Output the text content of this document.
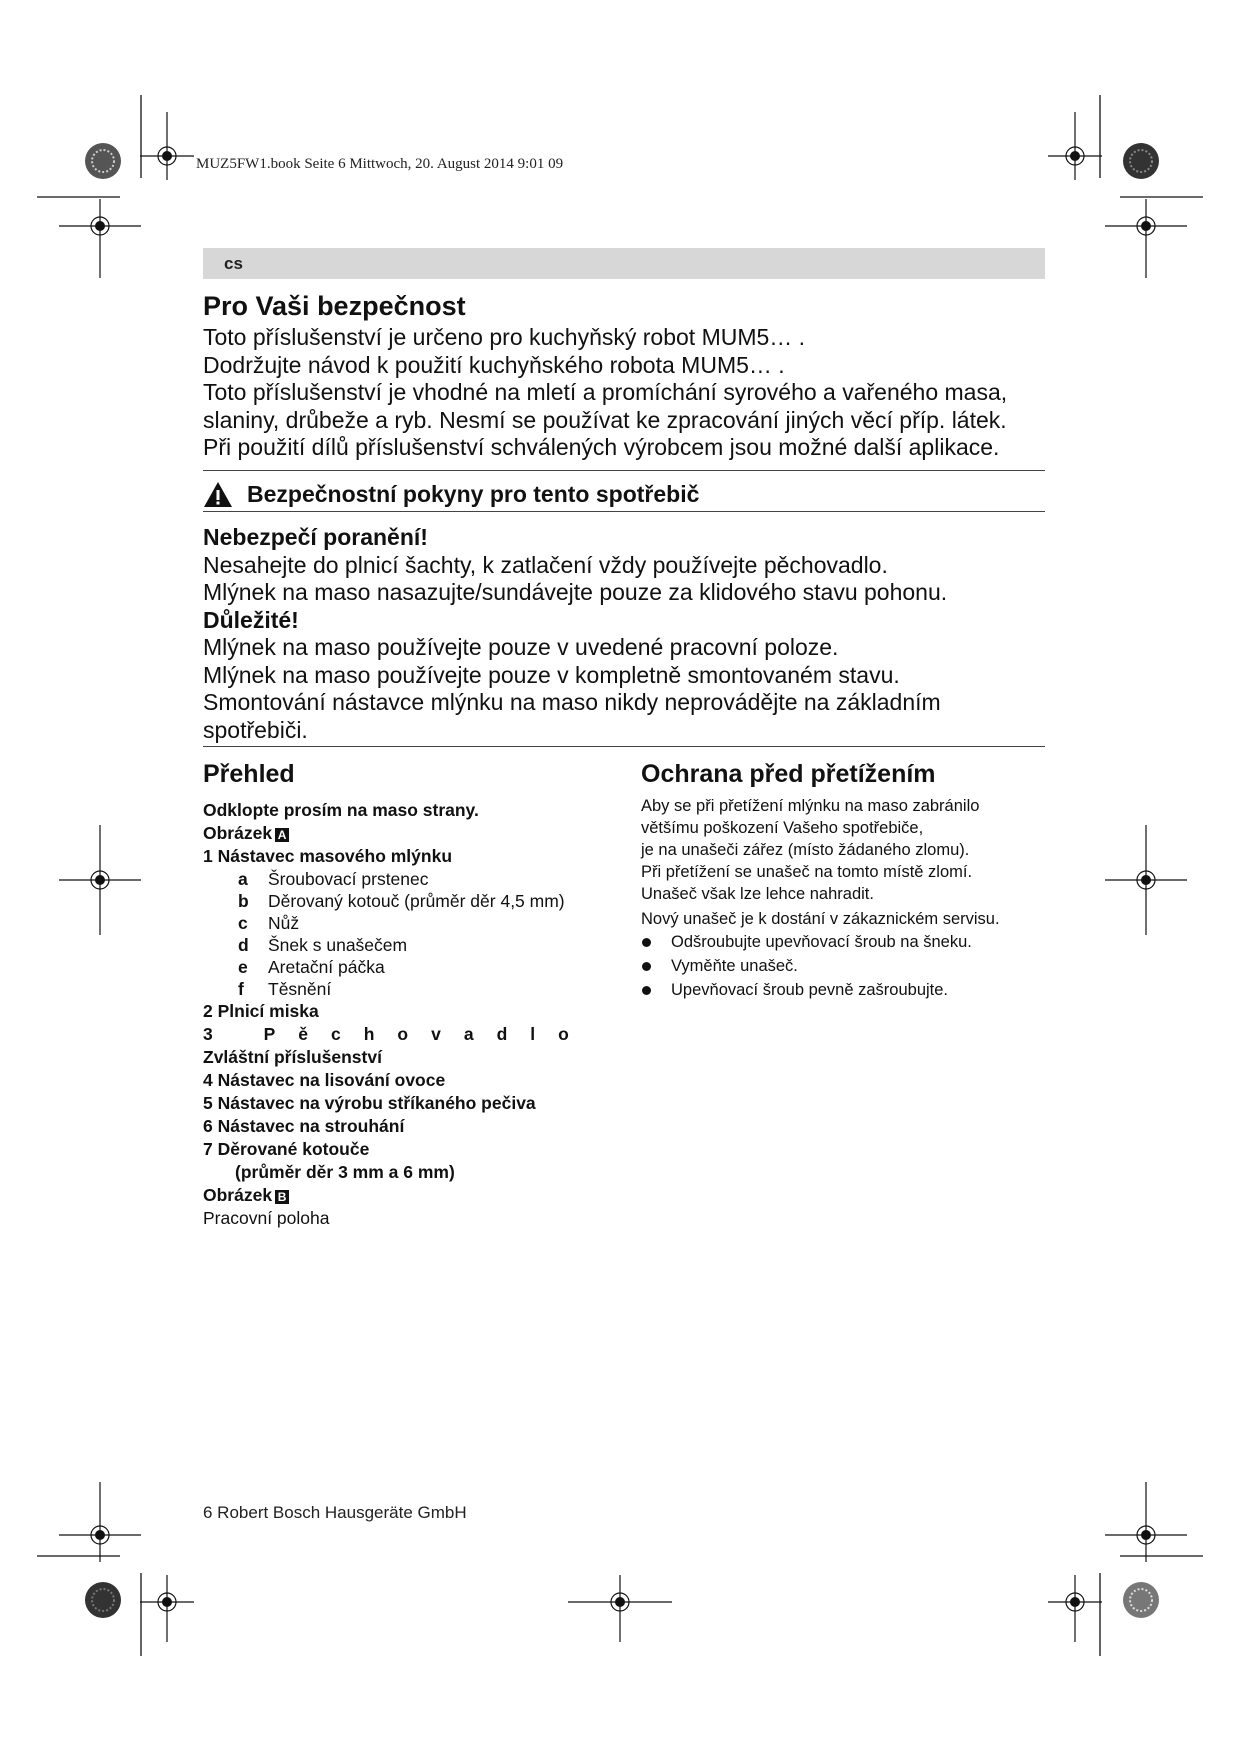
MUZ5FW1.book Seite 6 Mittwoch, 20. August 2014 9:01 09
cs
Pro Vaši bezpečnost
Toto příslušenství je určeno pro kuchyňský robot MUM5… .
Dodržujte návod k použití kuchyňského robota MUM5… .
Toto příslušenství je vhodné na mletí a promíchání syrového a vařeného masa,
slaniny, drůbeže a ryb. Nesmí se používat ke zpracování jiných věcí příp. látek.
Při použití dílů příslušenství schválených výrobcem jsou možné další aplikace.
Bezpečnostní pokyny pro tento spotřebič
Nebezpečí poranění!
Nesahejte do plnicí šachty, k zatlačení vždy používejte pěchovadlo.
Mlýnek na maso nasazujte/sundávejte pouze za klidového stavu pohonu.
Důležité!
Mlýnek na maso používejte pouze v uvedené pracovní poloze.
Mlýnek na maso používejte pouze v kompletně smontovaném stavu.
Smontování nástavce mlýnku na maso nikdy neprovádějte na základním
spotřebiči.
Přehled
Odklopte prosím na maso strany.
Obrázek A
1 Nástavec masového mlýnku
a	Šroubovací prstenec
b	Děrovaný kotouč (průměr děr 4,5 mm)
c	Nůž
d	Šnek s unašečem
e	Aretační páčka
f	Těsnění
2 Plnicí miska
3 Pěchovadlo
Zvláštní příslušenství
4 Nástavec na lisování ovoce
5 Nástavec na výrobu stříkaného pečiva
6 Nástavec na strouhání
7 Děrované kotouče
(průměr děr 3 mm a 6 mm)
Obrázek B
Pracovní poloha
Ochrana před přetížením
Aby se při přetížení mlýnku na maso zabránilo
většímu poškození Vašeho spotřebiče,
je na unašeči zářez (místo žádaného zlomu).
Při přetížení se unašeč na tomto místě zlomí.
Unašeč však lze lehce nahradit.
Nový unašeč je k dostání v zákaznickém servisu.
Odšroubujte upevňovací šroub na šneku.
Vyměňte unašeč.
Upevňovací šroub pevně zašroubujte.
6 Robert Bosch Hausgeräte GmbH
